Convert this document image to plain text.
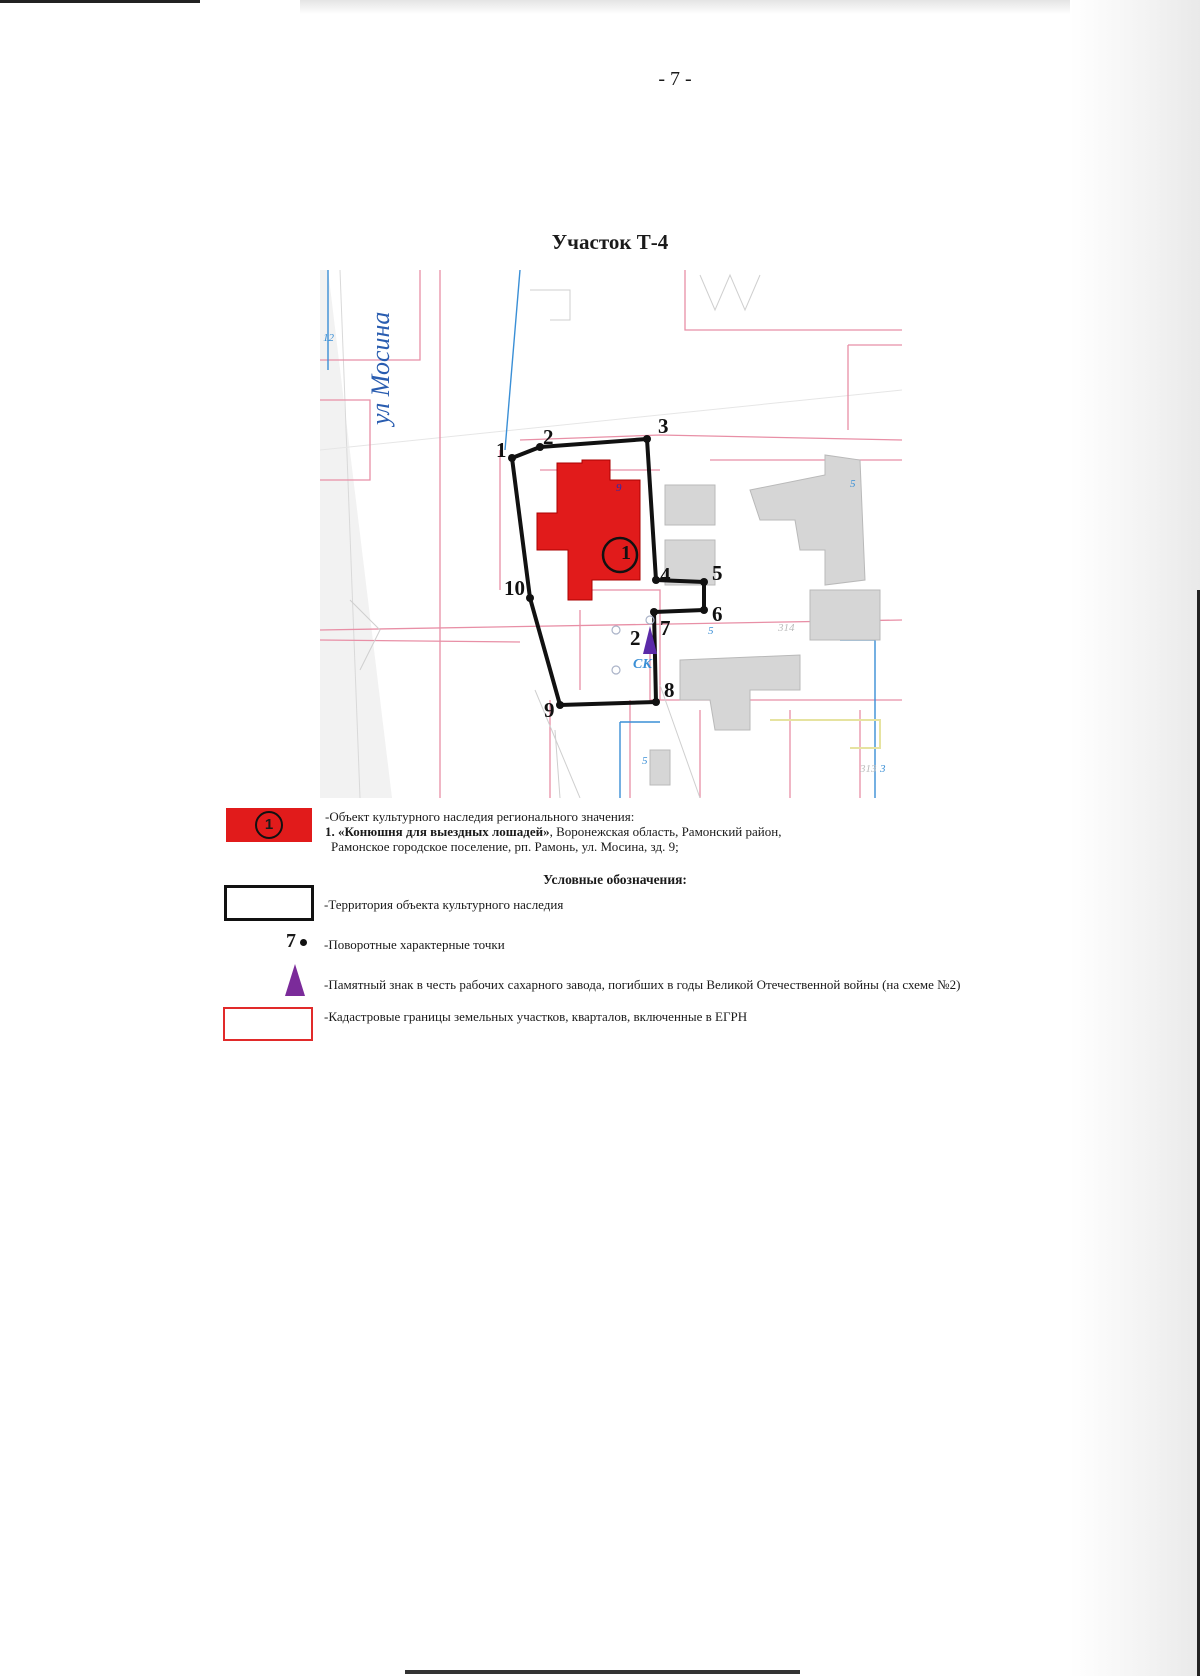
- 7 -
Участок Т-4
1
2
СК
1
2	3
4 5
6
7
8
9
10
9
12
5
5
5
3
313
314
ул Мосина
1	-Объект культурного наследия регионального значения:
1. «Конюшня для выездных лошадей», Воронежская область, Рамонский район,
Рамонское городское поселение, рп. Рамонь, ул. Мосина, зд. 9;
Условные обозначения:
-Территория объекта культурного наследия
7	-Поворотные характерные точки
-Памятный знак в честь рабочих сахарного завода, погибших в годы Великой Отечественной войны (на схеме №2)
-Кадастровые границы земельных участков, кварталов, включенные в ЕГРН
